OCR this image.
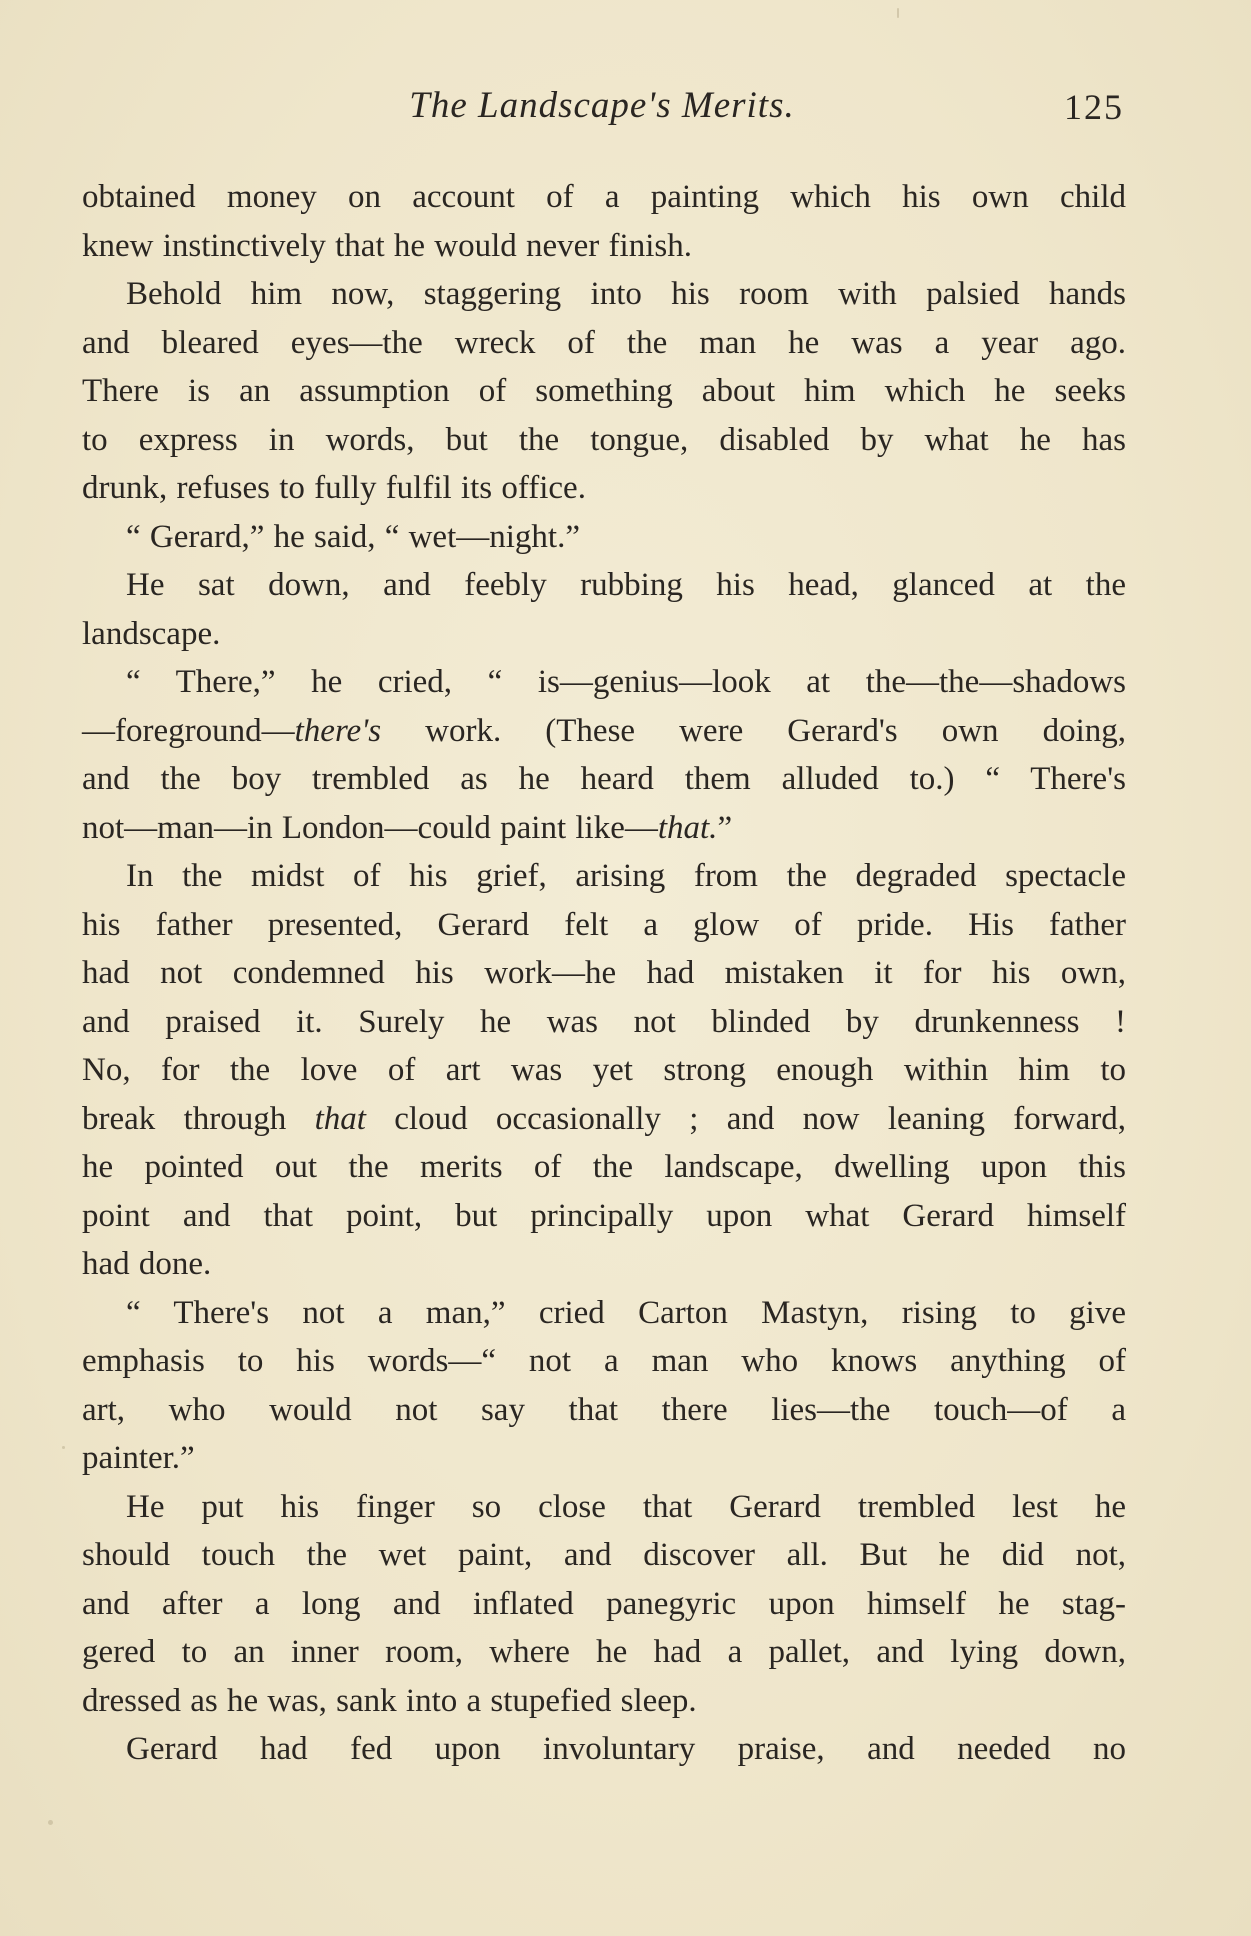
The Landscape's Merits.	125
obtained money on account of a painting which his own child
knew instinctively that he would never finish.
Behold him now, staggering into his room with palsied hands
and bleared eyes—the wreck of the man he was a year ago.
There is an assumption of something about him which he seeks
to express in words, but the tongue, disabled by what he has
drunk, refuses to fully fulfil its office.
“ Gerard,” he said, “ wet—night.”
He sat down, and feebly rubbing his head, glanced at the
landscape.
“ There,” he cried, “ is—genius—look at the—the—shadows
—foreground—there's work. (These were Gerard's own doing,
and the boy trembled as he heard them alluded to.) “ There's
not—man—in London—could paint like—that.”
In the midst of his grief, arising from the degraded spectacle
his father presented, Gerard felt a glow of pride. His father
had not condemned his work—he had mistaken it for his own,
and praised it. Surely he was not blinded by drunkenness !
No, for the love of art was yet strong enough within him to
break through that cloud occasionally ; and now leaning forward,
he pointed out the merits of the landscape, dwelling upon this
point and that point, but principally upon what Gerard himself
had done.
“ There's not a man,” cried Carton Mastyn, rising to give
emphasis to his words—“ not a man who knows anything of
art, who would not say that there lies—the touch—of a
painter.”
He put his finger so close that Gerard trembled lest he
should touch the wet paint, and discover all. But he did not,
and after a long and inflated panegyric upon himself he stag-
gered to an inner room, where he had a pallet, and lying down,
dressed as he was, sank into a stupefied sleep.
Gerard had fed upon involuntary praise, and needed no
